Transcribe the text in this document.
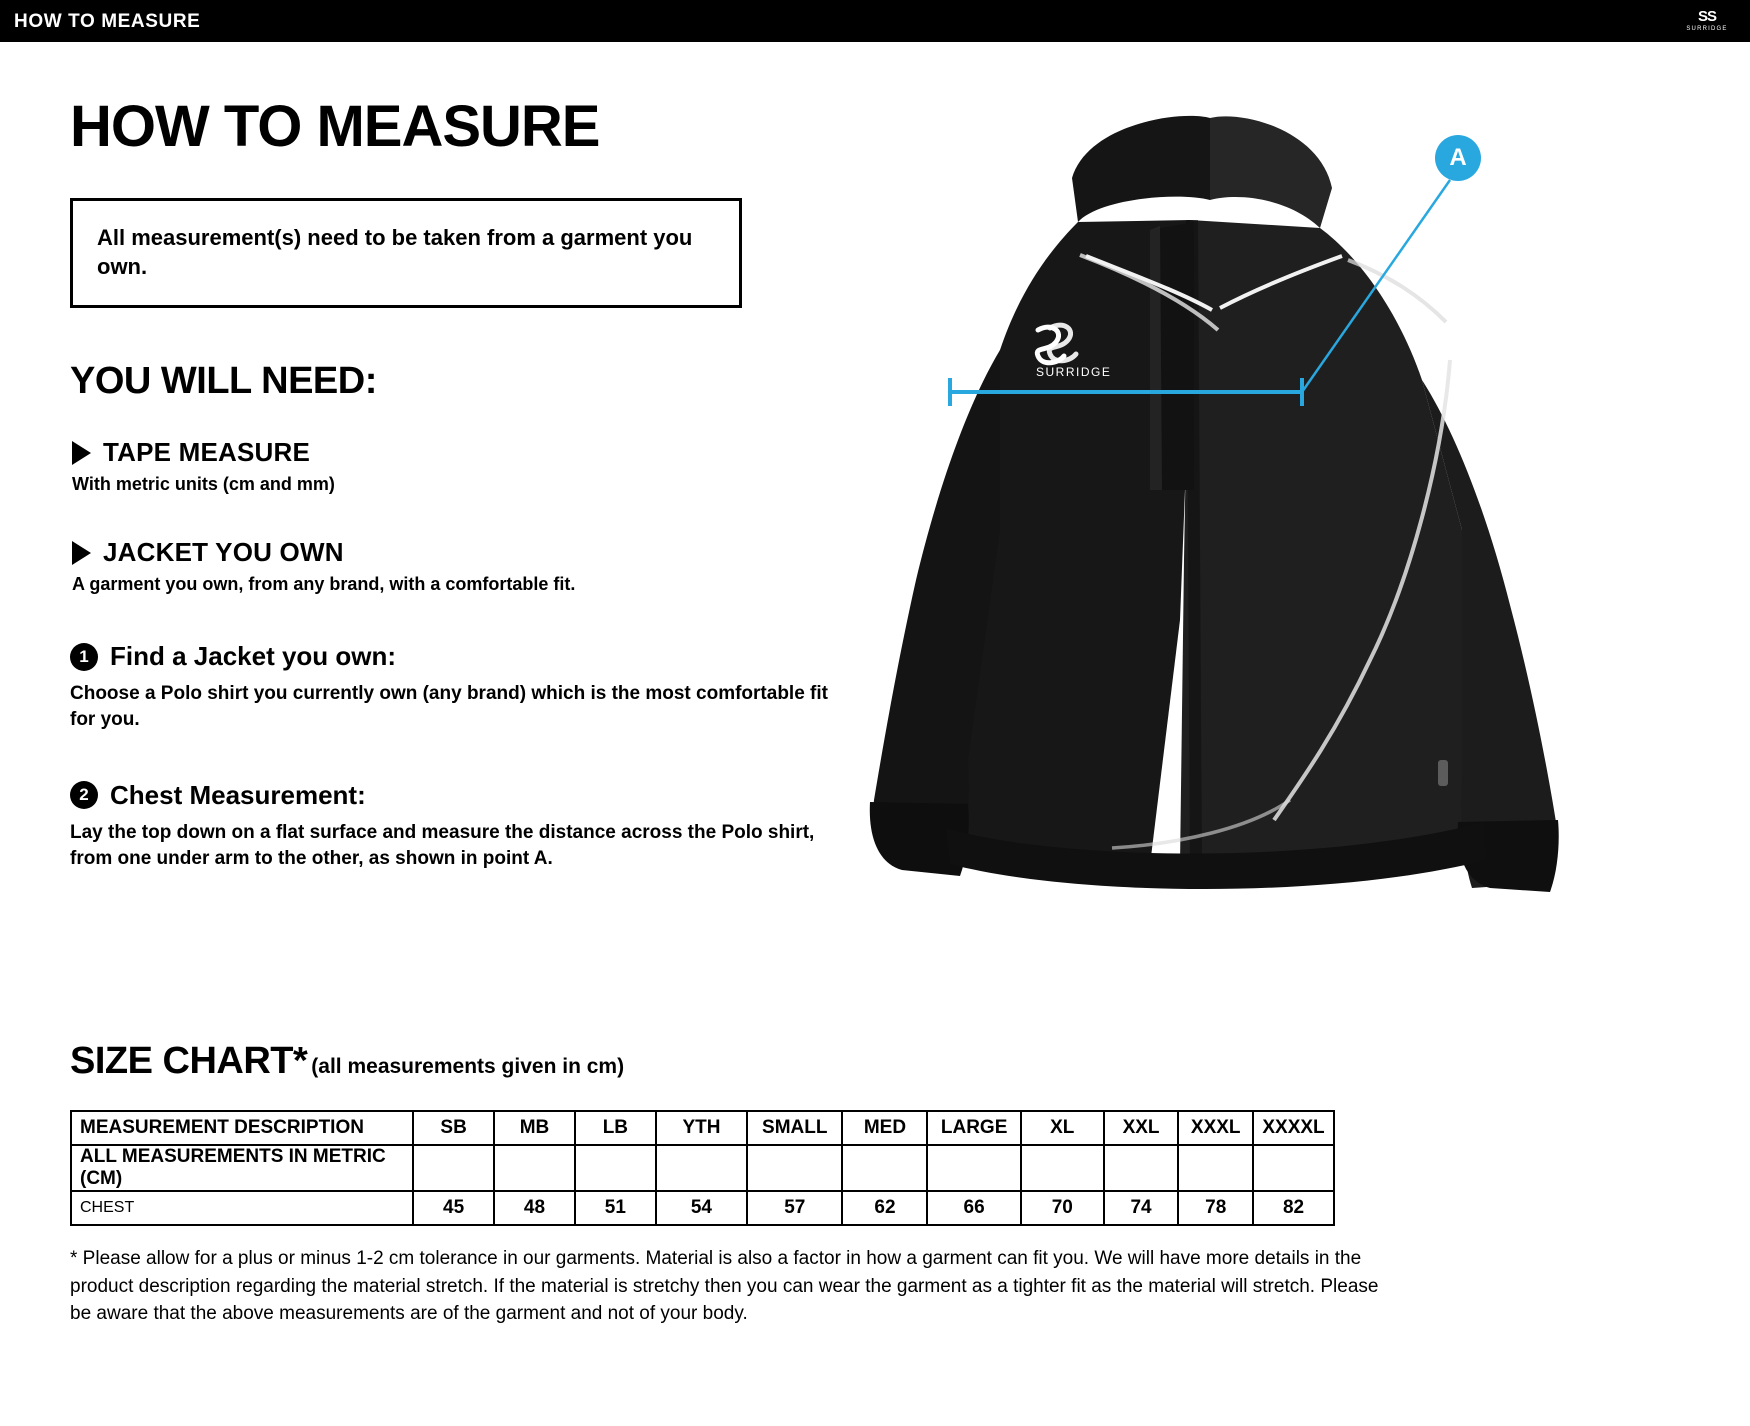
HOW TO MEASURE	SS
SURRIDGE
HOW TO MEASURE

All measurement(s) need to be taken from a garment you own.

YOU WILL NEED:
TAPE MEASURE
With metric units (cm and mm)
JACKET YOU OWN
A garment you own, from any brand, with a comfortable fit.
1 Find a Jacket you own:
Choose a Polo shirt you currently own (any brand) which is the most comfortable fit for you.
2 Chest Measurement:
Lay the top down on a flat surface and measure the distance across the Polo shirt, from one under arm to the other, as shown in point A.
SURRIDGE
A
SIZE CHART* (all measurements given in cm)
MEASUREMENT DESCRIPTION	SB	MB	LB	YTH	SMALL	MED	LARGE	XL	XXL	XXXL	XXXXL
ALL MEASUREMENTS IN METRIC (CM)											
CHEST	45	48	51	54	57	62	66	70	74	78	82
* Please allow for a plus or minus 1-2 cm tolerance in our garments. Material is also a factor in how a garment can fit you. We will have more details in the product description regarding the material stretch. If the material is stretchy then you can wear the garment as a tighter fit as the material will stretch. Please be aware that the above measurements are of the garment and not of your body.
